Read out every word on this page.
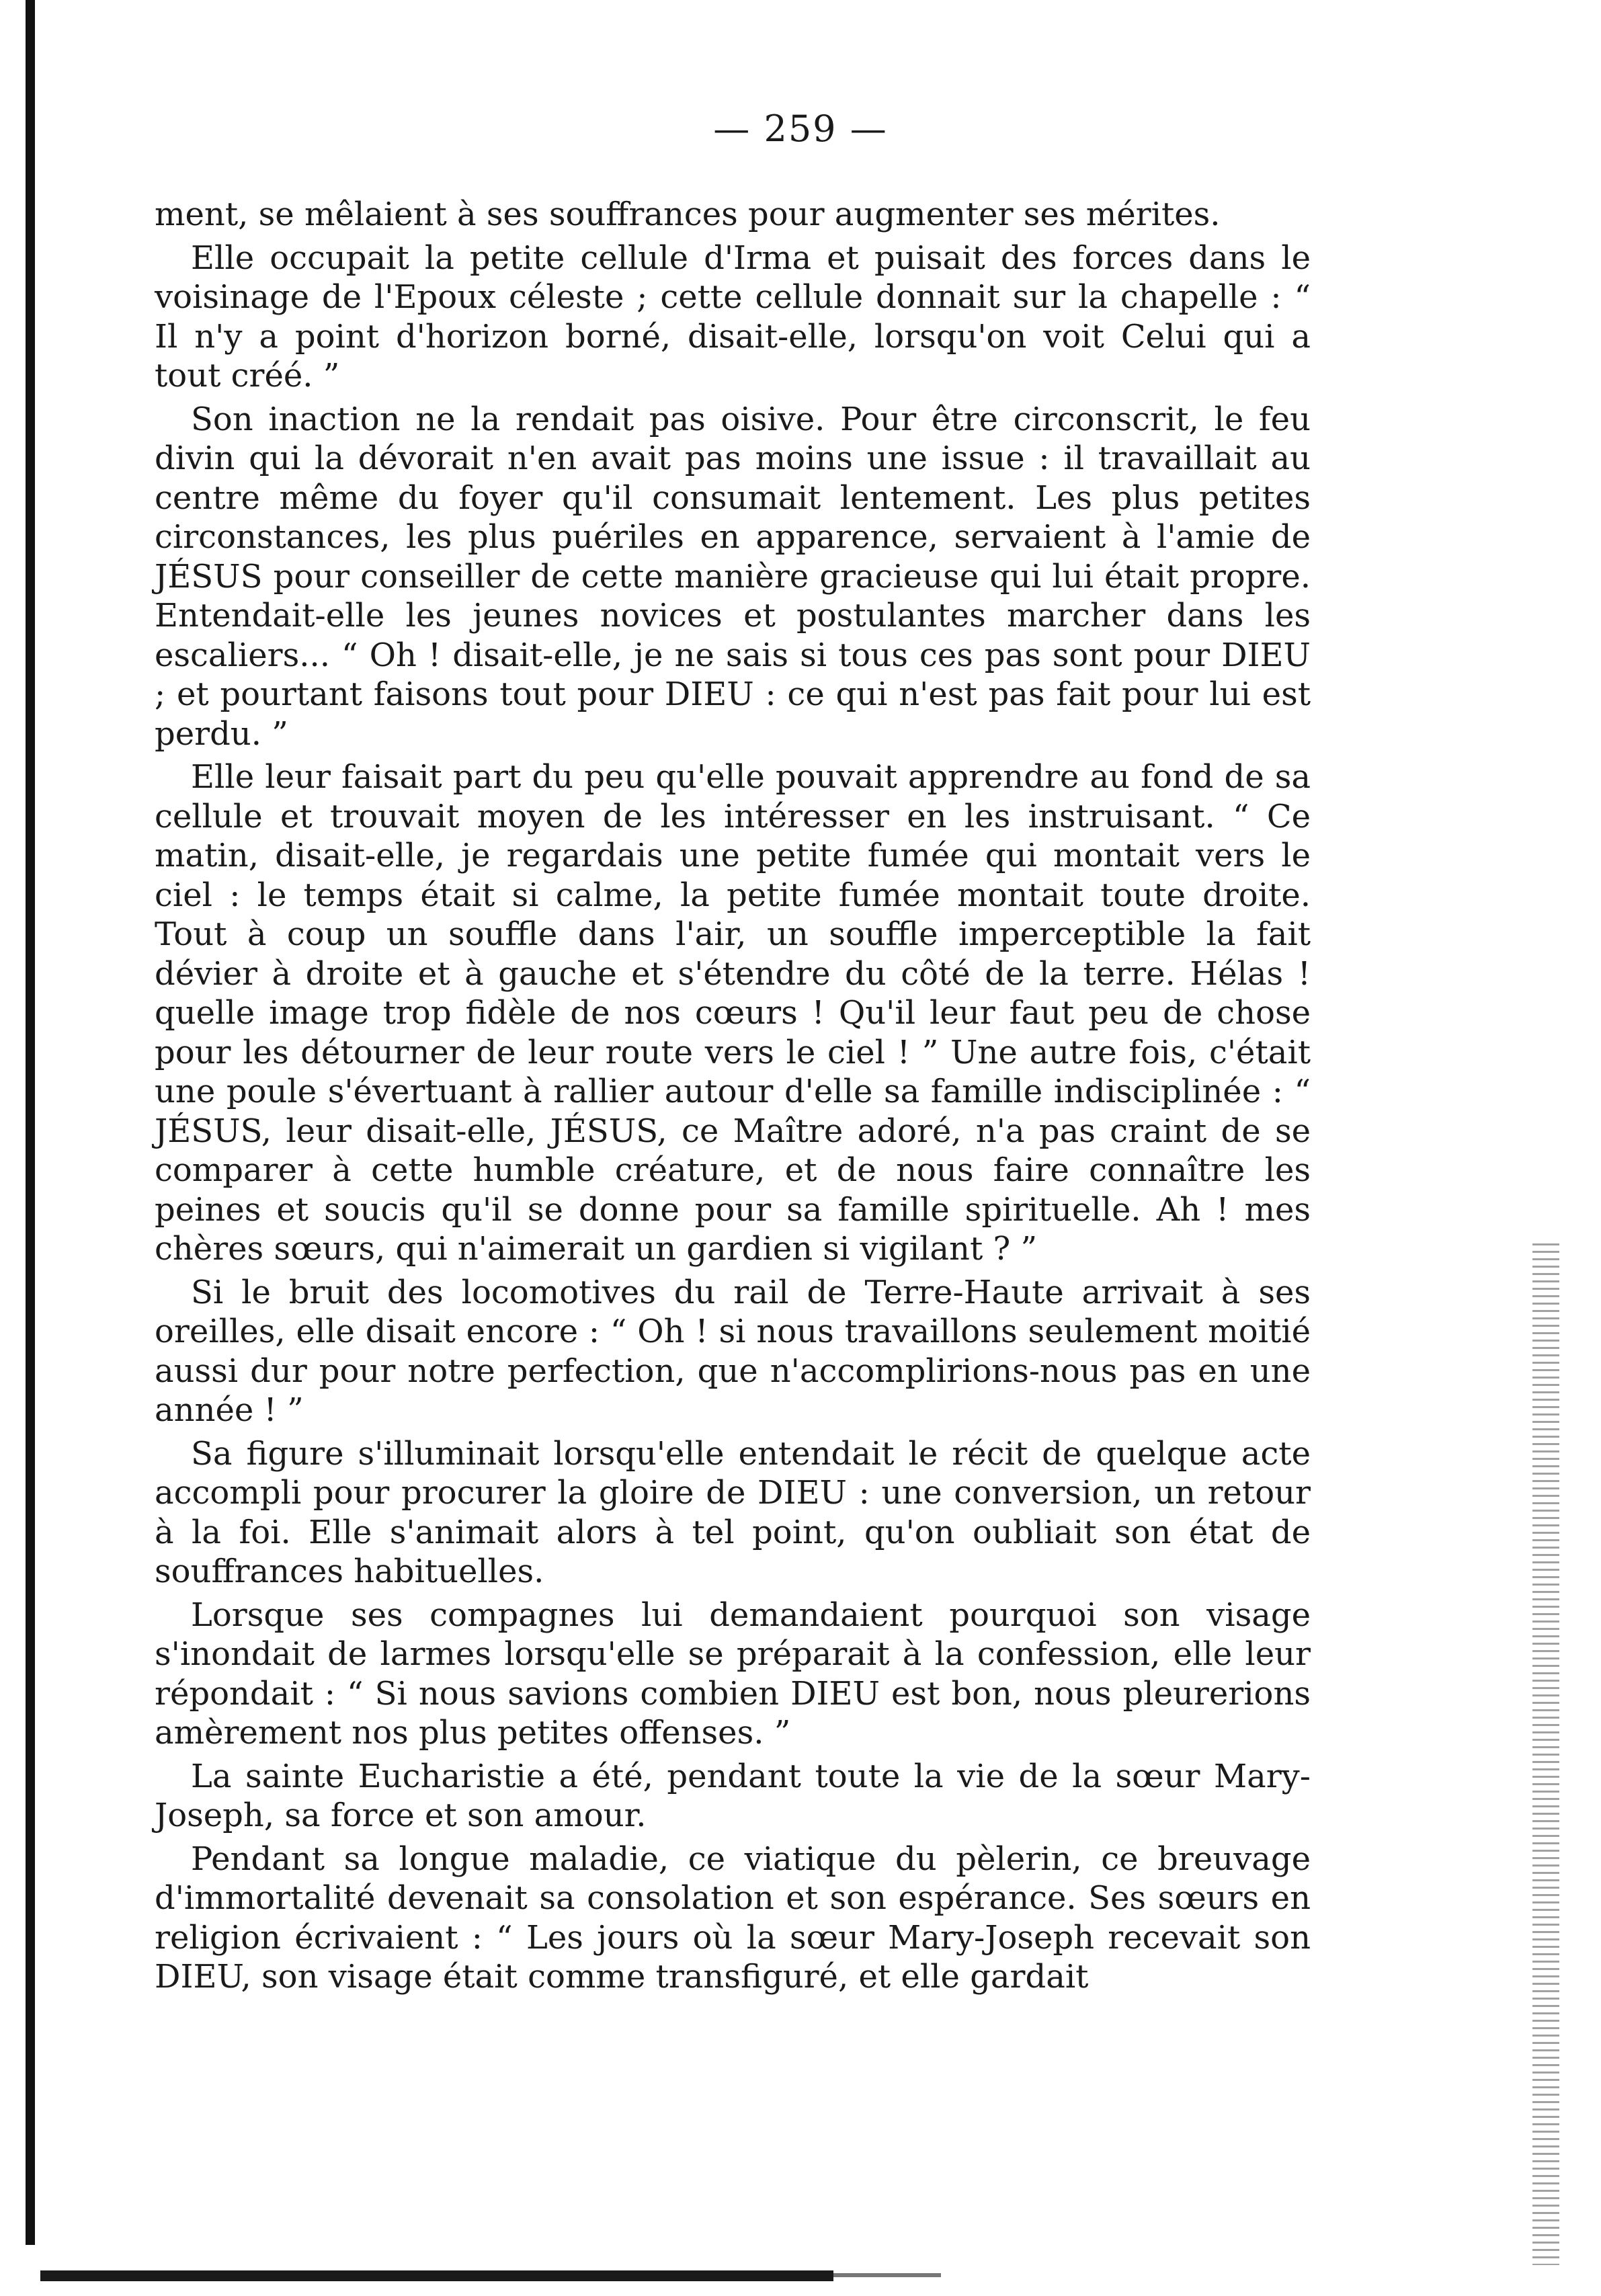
— 259 —

ment, se mêlaient à ses souffrances pour augmenter ses mérites.

Elle occupait la petite cellule d'Irma et puisait des forces dans le voisinage de l'Epoux céleste ; cette cellule donnait sur la chapelle : “ Il n'y a point d'horizon borné, disait-elle, lorsqu'on voit Celui qui a tout créé. ”

Son inaction ne la rendait pas oisive. Pour être circonscrit, le feu divin qui la dévorait n'en avait pas moins une issue : il travaillait au centre même du foyer qu'il consumait lentement. Les plus petites circonstances, les plus puériles en apparence, servaient à l'amie de JÉSUS pour conseiller de cette manière gracieuse qui lui était propre. Entendait-elle les jeunes novices et postulantes marcher dans les escaliers... “ Oh ! disait-elle, je ne sais si tous ces pas sont pour DIEU ; et pourtant faisons tout pour DIEU : ce qui n'est pas fait pour lui est perdu. ”

Elle leur faisait part du peu qu'elle pouvait apprendre au fond de sa cellule et trouvait moyen de les intéresser en les instruisant. “ Ce matin, disait-elle, je regardais une petite fumée qui montait vers le ciel : le temps était si calme, la petite fumée montait toute droite. Tout à coup un souffle dans l'air, un souffle imperceptible la fait dévier à droite et à gauche et s'étendre du côté de la terre. Hélas ! quelle image trop fidèle de nos cœurs ! Qu'il leur faut peu de chose pour les détourner de leur route vers le ciel ! ” Une autre fois, c'était une poule s'évertuant à rallier autour d'elle sa famille indisciplinée : “ JÉSUS, leur disait-elle, JÉSUS, ce Maître adoré, n'a pas craint de se comparer à cette humble créature, et de nous faire connaître les peines et soucis qu'il se donne pour sa famille spirituelle. Ah ! mes chères sœurs, qui n'aimerait un gardien si vigilant ? ”

Si le bruit des locomotives du rail de Terre-Haute arrivait à ses oreilles, elle disait encore : “ Oh ! si nous travaillons seulement moitié aussi dur pour notre perfection, que n'accomplirions-nous pas en une année ! ”

Sa figure s'illuminait lorsqu'elle entendait le récit de quelque acte accompli pour procurer la gloire de DIEU : une conversion, un retour à la foi. Elle s'animait alors à tel point, qu'on oubliait son état de souffrances habituelles.

Lorsque ses compagnes lui demandaient pourquoi son visage s'inondait de larmes lorsqu'elle se préparait à la confession, elle leur répondait : “ Si nous savions combien DIEU est bon, nous pleurerions amèrement nos plus petites offenses. ”

La sainte Eucharistie a été, pendant toute la vie de la sœur Mary-Joseph, sa force et son amour.

Pendant sa longue maladie, ce viatique du pèlerin, ce breuvage d'immortalité devenait sa consolation et son espérance. Ses sœurs en religion écrivaient : “ Les jours où la sœur Mary-Joseph recevait son DIEU, son visage était comme transfiguré, et elle gardait
